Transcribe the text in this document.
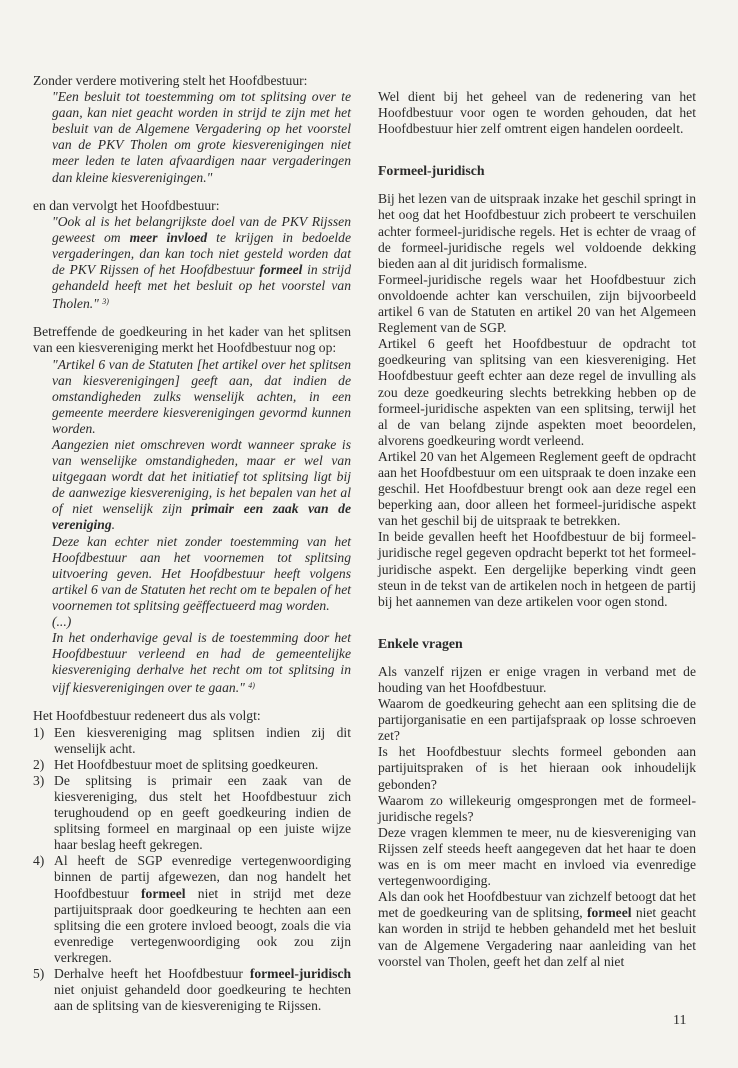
Zonder verdere motivering stelt het Hoofdbestuur:

"Een besluit tot toestemming om tot splitsing over te gaan, kan niet geacht worden in strijd te zijn met het besluit van de Algemene Vergadering op het voorstel van de PKV Tholen om grote kiesverenigingen niet meer leden te laten afvaardigen naar vergaderingen dan kleine kiesverenigingen."

en dan vervolgt het Hoofdbestuur:

"Ook al is het belangrijkste doel van de PKV Rijssen geweest om meer invloed te krijgen in bedoelde vergaderingen, dan kan toch niet gesteld worden dat de PKV Rijssen of het Hoofdbestuur formeel in strijd gehandeld heeft met het besluit op het voorstel van Tholen." $^{3)}$

Betreffende de goedkeuring in het kader van het splitsen van een kiesvereniging merkt het Hoofdbestuur nog op:

"Artikel 6 van de Statuten [het artikel over het splitsen van kiesverenigingen] geeft aan, dat indien de omstandigheden zulks wenselijk achten, in een gemeente meerdere kiesverenigingen gevormd kunnen worden.

Aangezien niet omschreven wordt wanneer sprake is van wenselijke omstandigheden, maar er wel van uitgegaan wordt dat het initiatief tot splitsing ligt bij de aanwezige kiesvereniging, is het bepalen van het al of niet wenselijk zijn primair een zaak van de vereniging.

Deze kan echter niet zonder toestemming van het Hoofdbestuur aan het voornemen tot splitsing uitvoering geven. Het Hoofdbestuur heeft volgens artikel 6 van de Statuten het recht om te bepalen of het voornemen tot splitsing geëffectueerd mag worden.

(...)

In het onderhavige geval is de toestemming door het Hoofdbestuur verleend en had de gemeentelijke kiesvereniging derhalve het recht om tot splitsing in vijf kiesverenigingen over te gaan." $^{4)}$

Het Hoofdbestuur redeneert dus als volgt:

1) Een kiesvereniging mag splitsen indien zij dit wenselijk acht.
2) Het Hoofdbestuur moet de splitsing goedkeuren.
3) De splitsing is primair een zaak van de kiesvereniging, dus stelt het Hoofdbestuur zich terughoudend op en geeft goedkeuring indien de splitsing formeel en marginaal op een juiste wijze haar beslag heeft gekregen.
4) Al heeft de SGP evenredige vertegenwoordiging binnen de partij afgewezen, dan nog handelt het Hoofdbestuur formeel niet in strijd met deze partijuitspraak door goedkeuring te hechten aan een splitsing die een grotere invloed beoogt, zoals die via evenredige vertegenwoordiging ook zou zijn verkregen.
5) Derhalve heeft het Hoofdbestuur formeel-juridisch niet onjuist gehandeld door goedkeuring te hechten aan de splitsing van de kiesvereniging te Rijssen.

Wel dient bij het geheel van de redenering van het Hoofdbestuur voor ogen te worden gehouden, dat het Hoofdbestuur hier zelf omtrent eigen handelen oordeelt.

Formeel-juridisch

Bij het lezen van de uitspraak inzake het geschil springt in het oog dat het Hoofdbestuur zich probeert te verschuilen achter formeel-juridische regels. Het is echter de vraag of de formeel-juridische regels wel voldoende dekking bieden aan al dit juridisch formalisme.

Formeel-juridische regels waar het Hoofdbestuur zich onvoldoende achter kan verschuilen, zijn bijvoorbeeld artikel 6 van de Statuten en artikel 20 van het Algemeen Reglement van de SGP.

Artikel 6 geeft het Hoofdbestuur de opdracht tot goedkeuring van splitsing van een kiesvereniging. Het Hoofdbestuur geeft echter aan deze regel de invulling als zou deze goedkeuring slechts betrekking hebben op de formeel-juridische aspekten van een splitsing, terwijl het al de van belang zijnde aspekten moet beoordelen, alvorens goedkeuring wordt verleend.

Artikel 20 van het Algemeen Reglement geeft de opdracht aan het Hoofdbestuur om een uitspraak te doen inzake een geschil. Het Hoofdbestuur brengt ook aan deze regel een beperking aan, door alleen het formeel-juridische aspekt van het geschil bij de uitspraak te betrekken.

In beide gevallen heeft het Hoofdbestuur de bij formeel-juridische regel gegeven opdracht beperkt tot het formeel-juridische aspekt. Een dergelijke beperking vindt geen steun in de tekst van de artikelen noch in hetgeen de partij bij het aannemen van deze artikelen voor ogen stond.

Enkele vragen

Als vanzelf rijzen er enige vragen in verband met de houding van het Hoofdbestuur.

Waarom de goedkeuring gehecht aan een splitsing die de partijorganisatie en een partijafspraak op losse schroeven zet?

Is het Hoofdbestuur slechts formeel gebonden aan partijuitspraken of is het hieraan ook inhoudelijk gebonden?

Waarom zo willekeurig omgesprongen met de formeel-juridische regels?

Deze vragen klemmen te meer, nu de kiesvereniging van Rijssen zelf steeds heeft aangegeven dat het haar te doen was en is om meer macht en invloed via evenredige vertegenwoordiging.

Als dan ook het Hoofdbestuur van zichzelf betoogt dat het met de goedkeuring van de splitsing, formeel niet geacht kan worden in strijd te hebben gehandeld met het besluit van de Algemene Vergadering naar aanleiding van het voorstel van Tholen, geeft het dan zelf al niet

11
